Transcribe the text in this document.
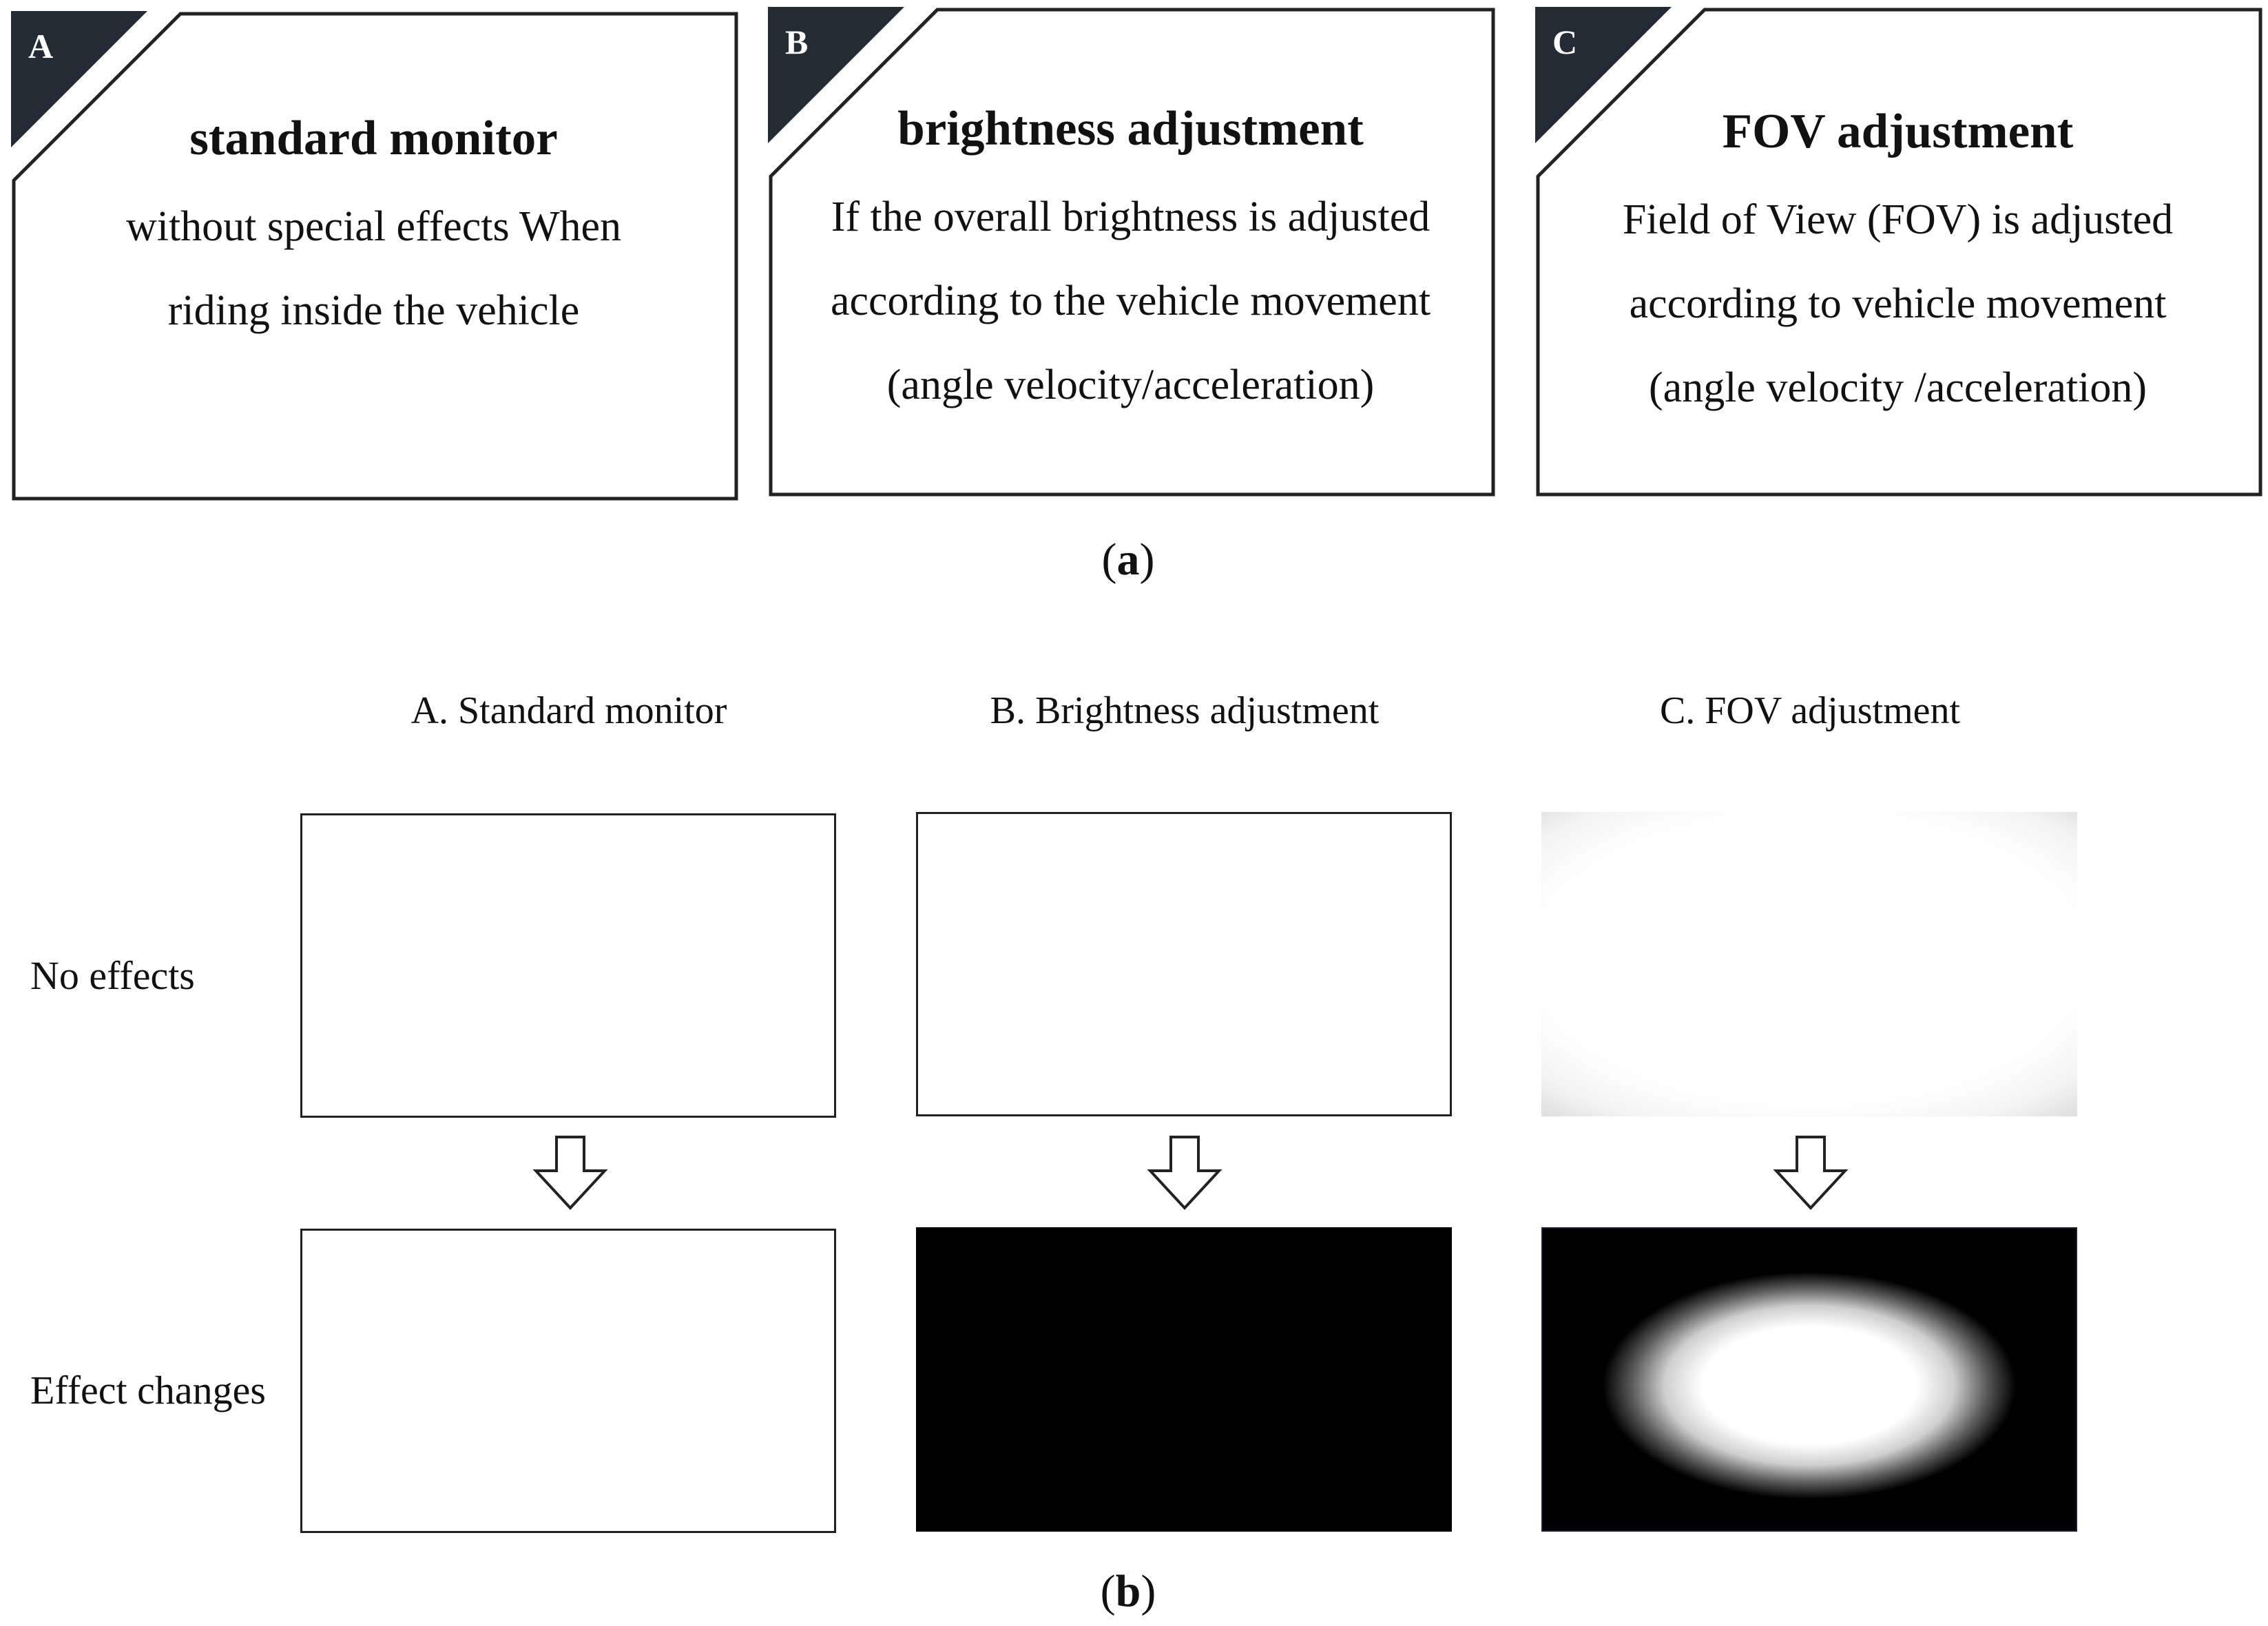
A
standard monitor
without special effects When
riding inside the vehicle
B
brightness adjustment
If the overall brightness is adjusted
according to the vehicle movement
(angle velocity/acceleration)
C
FOV adjustment
Field of View (FOV) is adjusted
according to vehicle movement
(angle velocity /acceleration)
(a)
A. Standard monitor	B. Brightness adjustment	C. FOV adjustment
No effects
Effect changes
(b)
